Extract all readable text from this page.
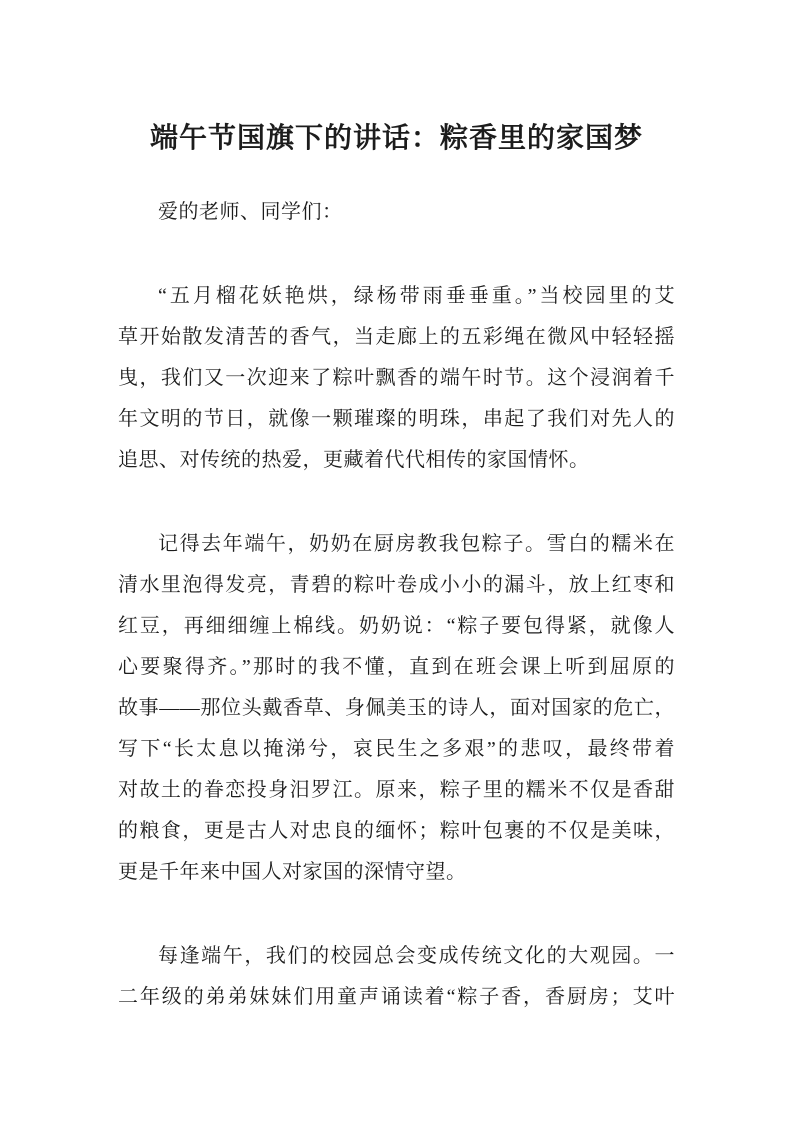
端午节国旗下的讲话：粽香里的家国梦
爱的老师、同学们：
“五月榴花妖艳烘，绿杨带雨垂垂重。”当校园里的艾
草开始散发清苦的香气，当走廊上的五彩绳在微风中轻轻摇
曳，我们又一次迎来了粽叶飘香的端午时节。这个浸润着千
年文明的节日，就像一颗璀璨的明珠，串起了我们对先人的
追思、对传统的热爱，更藏着代代相传的家国情怀。
记得去年端午，奶奶在厨房教我包粽子。雪白的糯米在
清水里泡得发亮，青碧的粽叶卷成小小的漏斗，放上红枣和
红豆，再细细缠上棉线。奶奶说：“粽子要包得紧，就像人
心要聚得齐。”那时的我不懂，直到在班会课上听到屈原的
故事——那位头戴香草、身佩美玉的诗人，面对国家的危亡，
写下“长太息以掩涕兮，哀民生之多艰”的悲叹，最终带着
对故土的眷恋投身汨罗江。原来，粽子里的糯米不仅是香甜
的粮食，更是古人对忠良的缅怀；粽叶包裹的不仅是美味，
更是千年来中国人对家国的深情守望。
每逢端午，我们的校园总会变成传统文化的大观园。一
二年级的弟弟妹妹们用童声诵读着“粽子香，香厨房；艾叶
